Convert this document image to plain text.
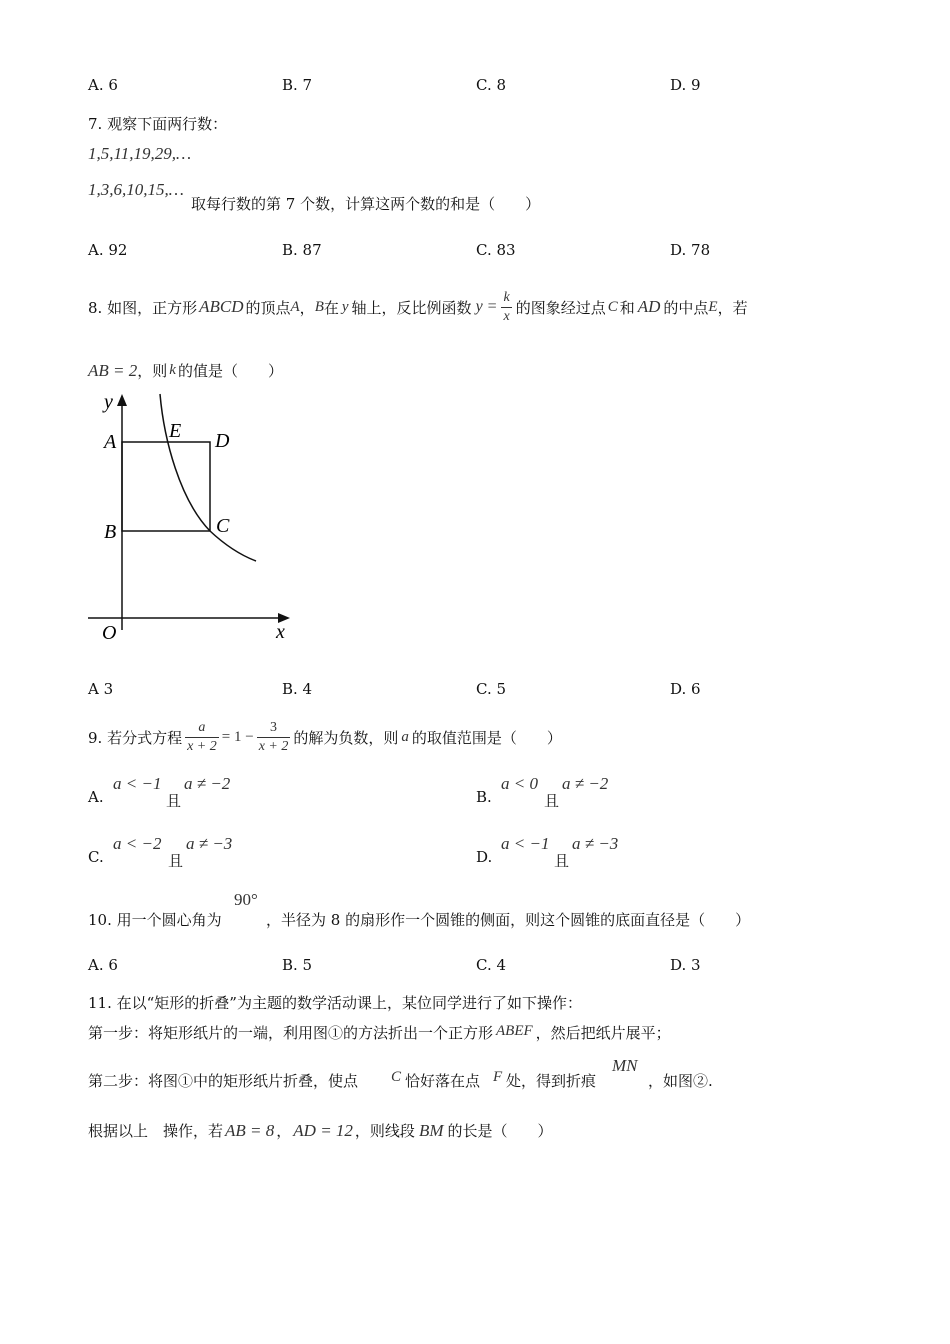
A. 6	B. 7	C. 8	D. 9
7. 观察下面两行数：
1,5,11,19,29,…
1,3,6,10,15,…
取每行数的第 7 个数，计算这两个数的和是（　　）
A. 92	B. 87	C. 83	D. 78
8. 如图，正方形 ABCD 的顶点 A ， B 在 y 轴上，反比例函数 $y = \frac{k}{x}$ 的图象经过点 C 和 AD 的中点 E ，若
AB = 2 ，则 k 的值是（　　）
y
x
O
A
B	C
D
E
A 3	B. 4	C. 5	D. 6
9. 若分式方程 $\frac{a}{x + 2} = 1 - \frac{3}{x + 2}$ 的解为负数，则 a 的取值范围是（　　）
A.
a < −1
且
a ≠ −2
B.
a < 0
且
a ≠ −2
C.
a < −2
且
a ≠ −3
D.
a < −1
且
a ≠ −3
10. 用一个圆心角为
90°
，半径为 8 的扇形作一个圆锥的侧面，则这个圆锥的底面直径是（　　）
A. 6	B. 5	C. 4	D. 3
11. 在以“矩形的折叠”为主题的数学活动课上，某位同学进行了如下操作：
第一步：将矩形纸片的一端，利用图①的方法折出一个正方形 ABEF ，然后把纸片展平；
第二步：将图①中的矩形纸片折叠，使点 C 恰好落在点 F 处，得到折痕
MN
，如图②.
根据以上　操作，若 AB = 8 ， AD = 12 ，则线段 BM 的长是（　　）
